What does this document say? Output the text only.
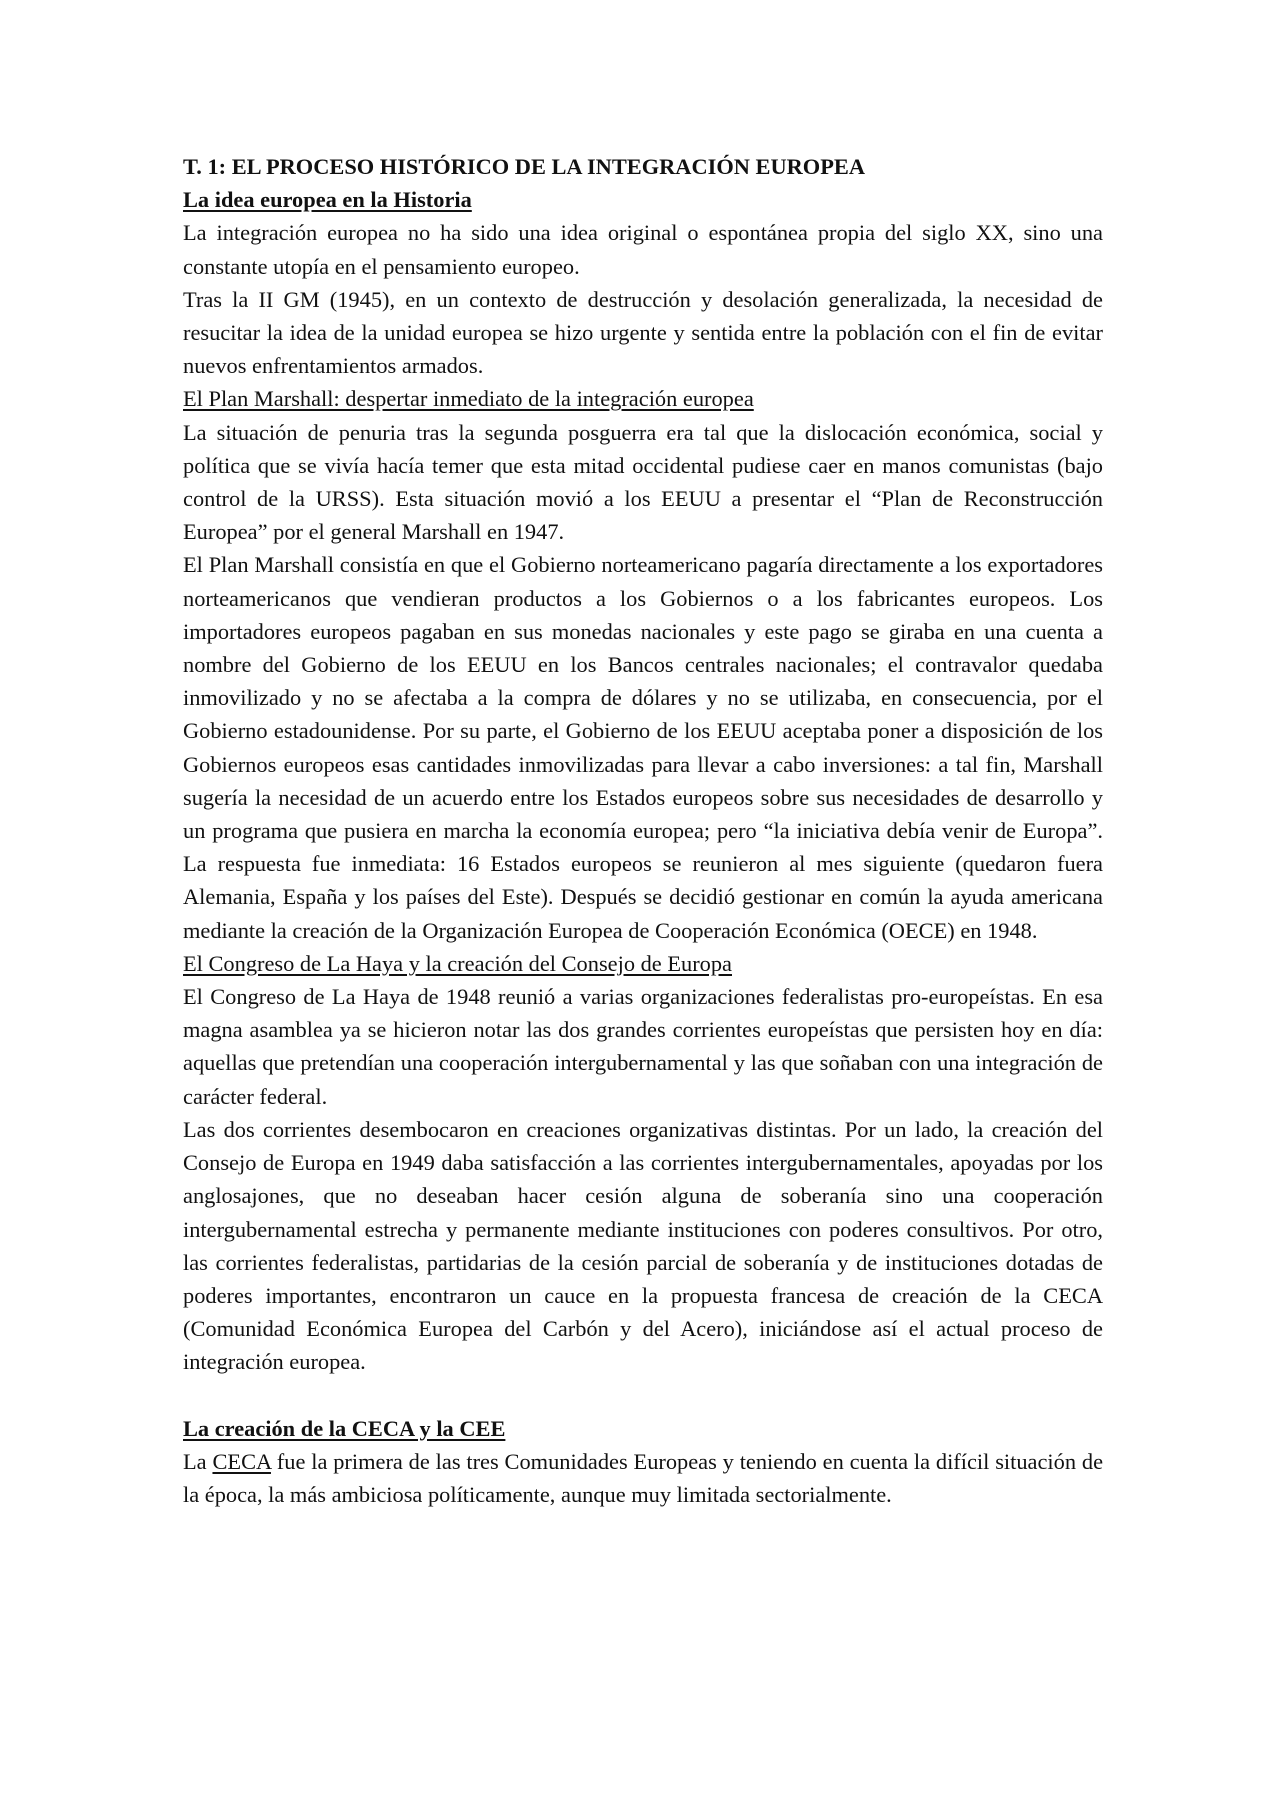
T. 1: EL PROCESO HISTÓRICO DE LA INTEGRACIÓN EUROPEA
La idea europea en la Historia

La integración europea no ha sido una idea original o espontánea propia del siglo XX, sino una constante utopía en el pensamiento europeo.

Tras la II GM (1945), en un contexto de destrucción y desolación generalizada, la necesidad de resucitar la idea de la unidad europea se hizo urgente y sentida entre la población con el fin de evitar nuevos enfrentamientos armados.

El Plan Marshall: despertar inmediato de la integración europea

La situación de penuria tras la segunda posguerra era tal que la dislocación económica, social y política que se vivía hacía temer que esta mitad occidental pudiese caer en manos comunistas (bajo control de la URSS). Esta situación movió a los EEUU a presentar el “Plan de Reconstrucción Europea” por el general Marshall en 1947.

El Plan Marshall consistía en que el Gobierno norteamericano pagaría directamente a los exportadores norteamericanos que vendieran productos a los Gobiernos o a los fabricantes europeos. Los importadores europeos pagaban en sus monedas nacionales y este pago se giraba en una cuenta a nombre del Gobierno de los EEUU en los Bancos centrales nacionales; el contravalor quedaba inmovilizado y no se afectaba a la compra de dólares y no se utilizaba, en consecuencia, por el Gobierno estadounidense. Por su parte, el Gobierno de los EEUU aceptaba poner a disposición de los Gobiernos europeos esas cantidades inmovilizadas para llevar a cabo inversiones: a tal fin, Marshall sugería la necesidad de un acuerdo entre los Estados europeos sobre sus necesidades de desarrollo y un programa que pusiera en marcha la economía europea; pero “la iniciativa debía venir de Europa”. La respuesta fue inmediata: 16 Estados europeos se reunieron al mes siguiente (quedaron fuera Alemania, España y los países del Este). Después se decidió gestionar en común la ayuda americana mediante la creación de la Organización Europea de Cooperación Económica (OECE) en 1948.

El Congreso de La Haya y la creación del Consejo de Europa

El Congreso de La Haya de 1948 reunió a varias organizaciones federalistas pro-europeístas. En esa magna asamblea ya se hicieron notar las dos grandes corrientes europeístas que persisten hoy en día: aquellas que pretendían una cooperación intergubernamental y las que soñaban con una integración de carácter federal.

Las dos corrientes desembocaron en creaciones organizativas distintas. Por un lado, la creación del Consejo de Europa en 1949 daba satisfacción a las corrientes intergubernamentales, apoyadas por los anglosajones, que no deseaban hacer cesión alguna de soberanía sino una cooperación intergubernamental estrecha y permanente mediante instituciones con poderes consultivos. Por otro, las corrientes federalistas, partidarias de la cesión parcial de soberanía y de instituciones dotadas de poderes importantes, encontraron un cauce en la propuesta francesa de creación de la CECA (Comunidad Económica Europea del Carbón y del Acero), iniciándose así el actual proceso de integración europea.

La creación de la CECA y la CEE

La CECA fue la primera de las tres Comunidades Europeas y teniendo en cuenta la difícil situación de la época, la más ambiciosa políticamente, aunque muy limitada sectorialmente.
